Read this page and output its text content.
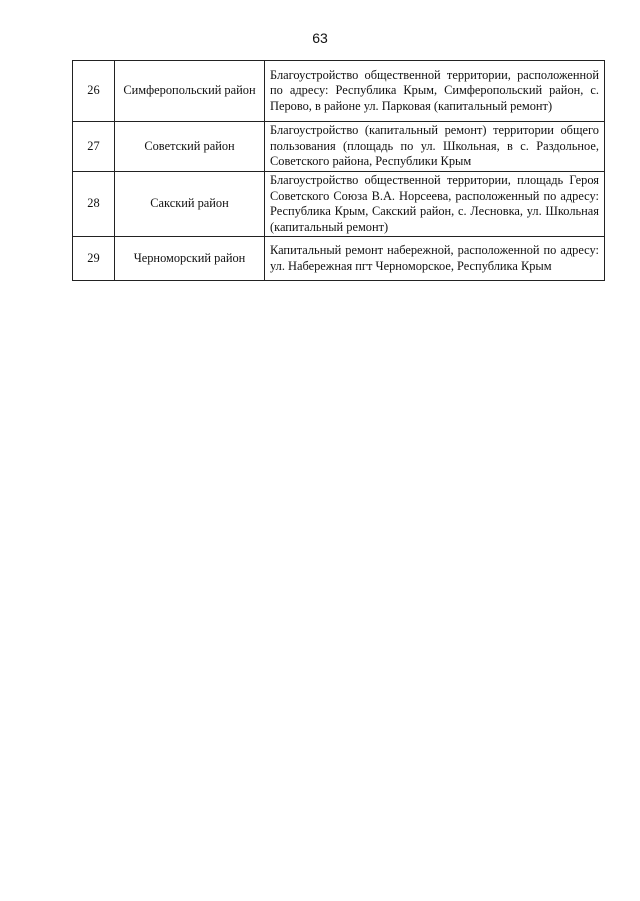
63
26	Симферопольский район	Благоустройство общественной территории, расположенной по адресу: Республика Крым, Симферопольский район, с. Перово, в районе ул. Парковая (капитальный ремонт)
27	Советский район	Благоустройство (капитальный ремонт) территории общего пользования (площадь по ул. Школьная, в с. Раздольное, Советского района, Республики Крым
28	Сакский район	Благоустройство общественной территории, площадь Героя Советского Союза В.А. Норсеева, расположенный по адресу: Республика Крым, Сакский район, с. Лесновка, ул. Школьная (капитальный ремонт)
29	Черноморский район	Капитальный ремонт набережной, расположенной по адресу: ул. Набережная пгт Черноморское, Республика Крым
